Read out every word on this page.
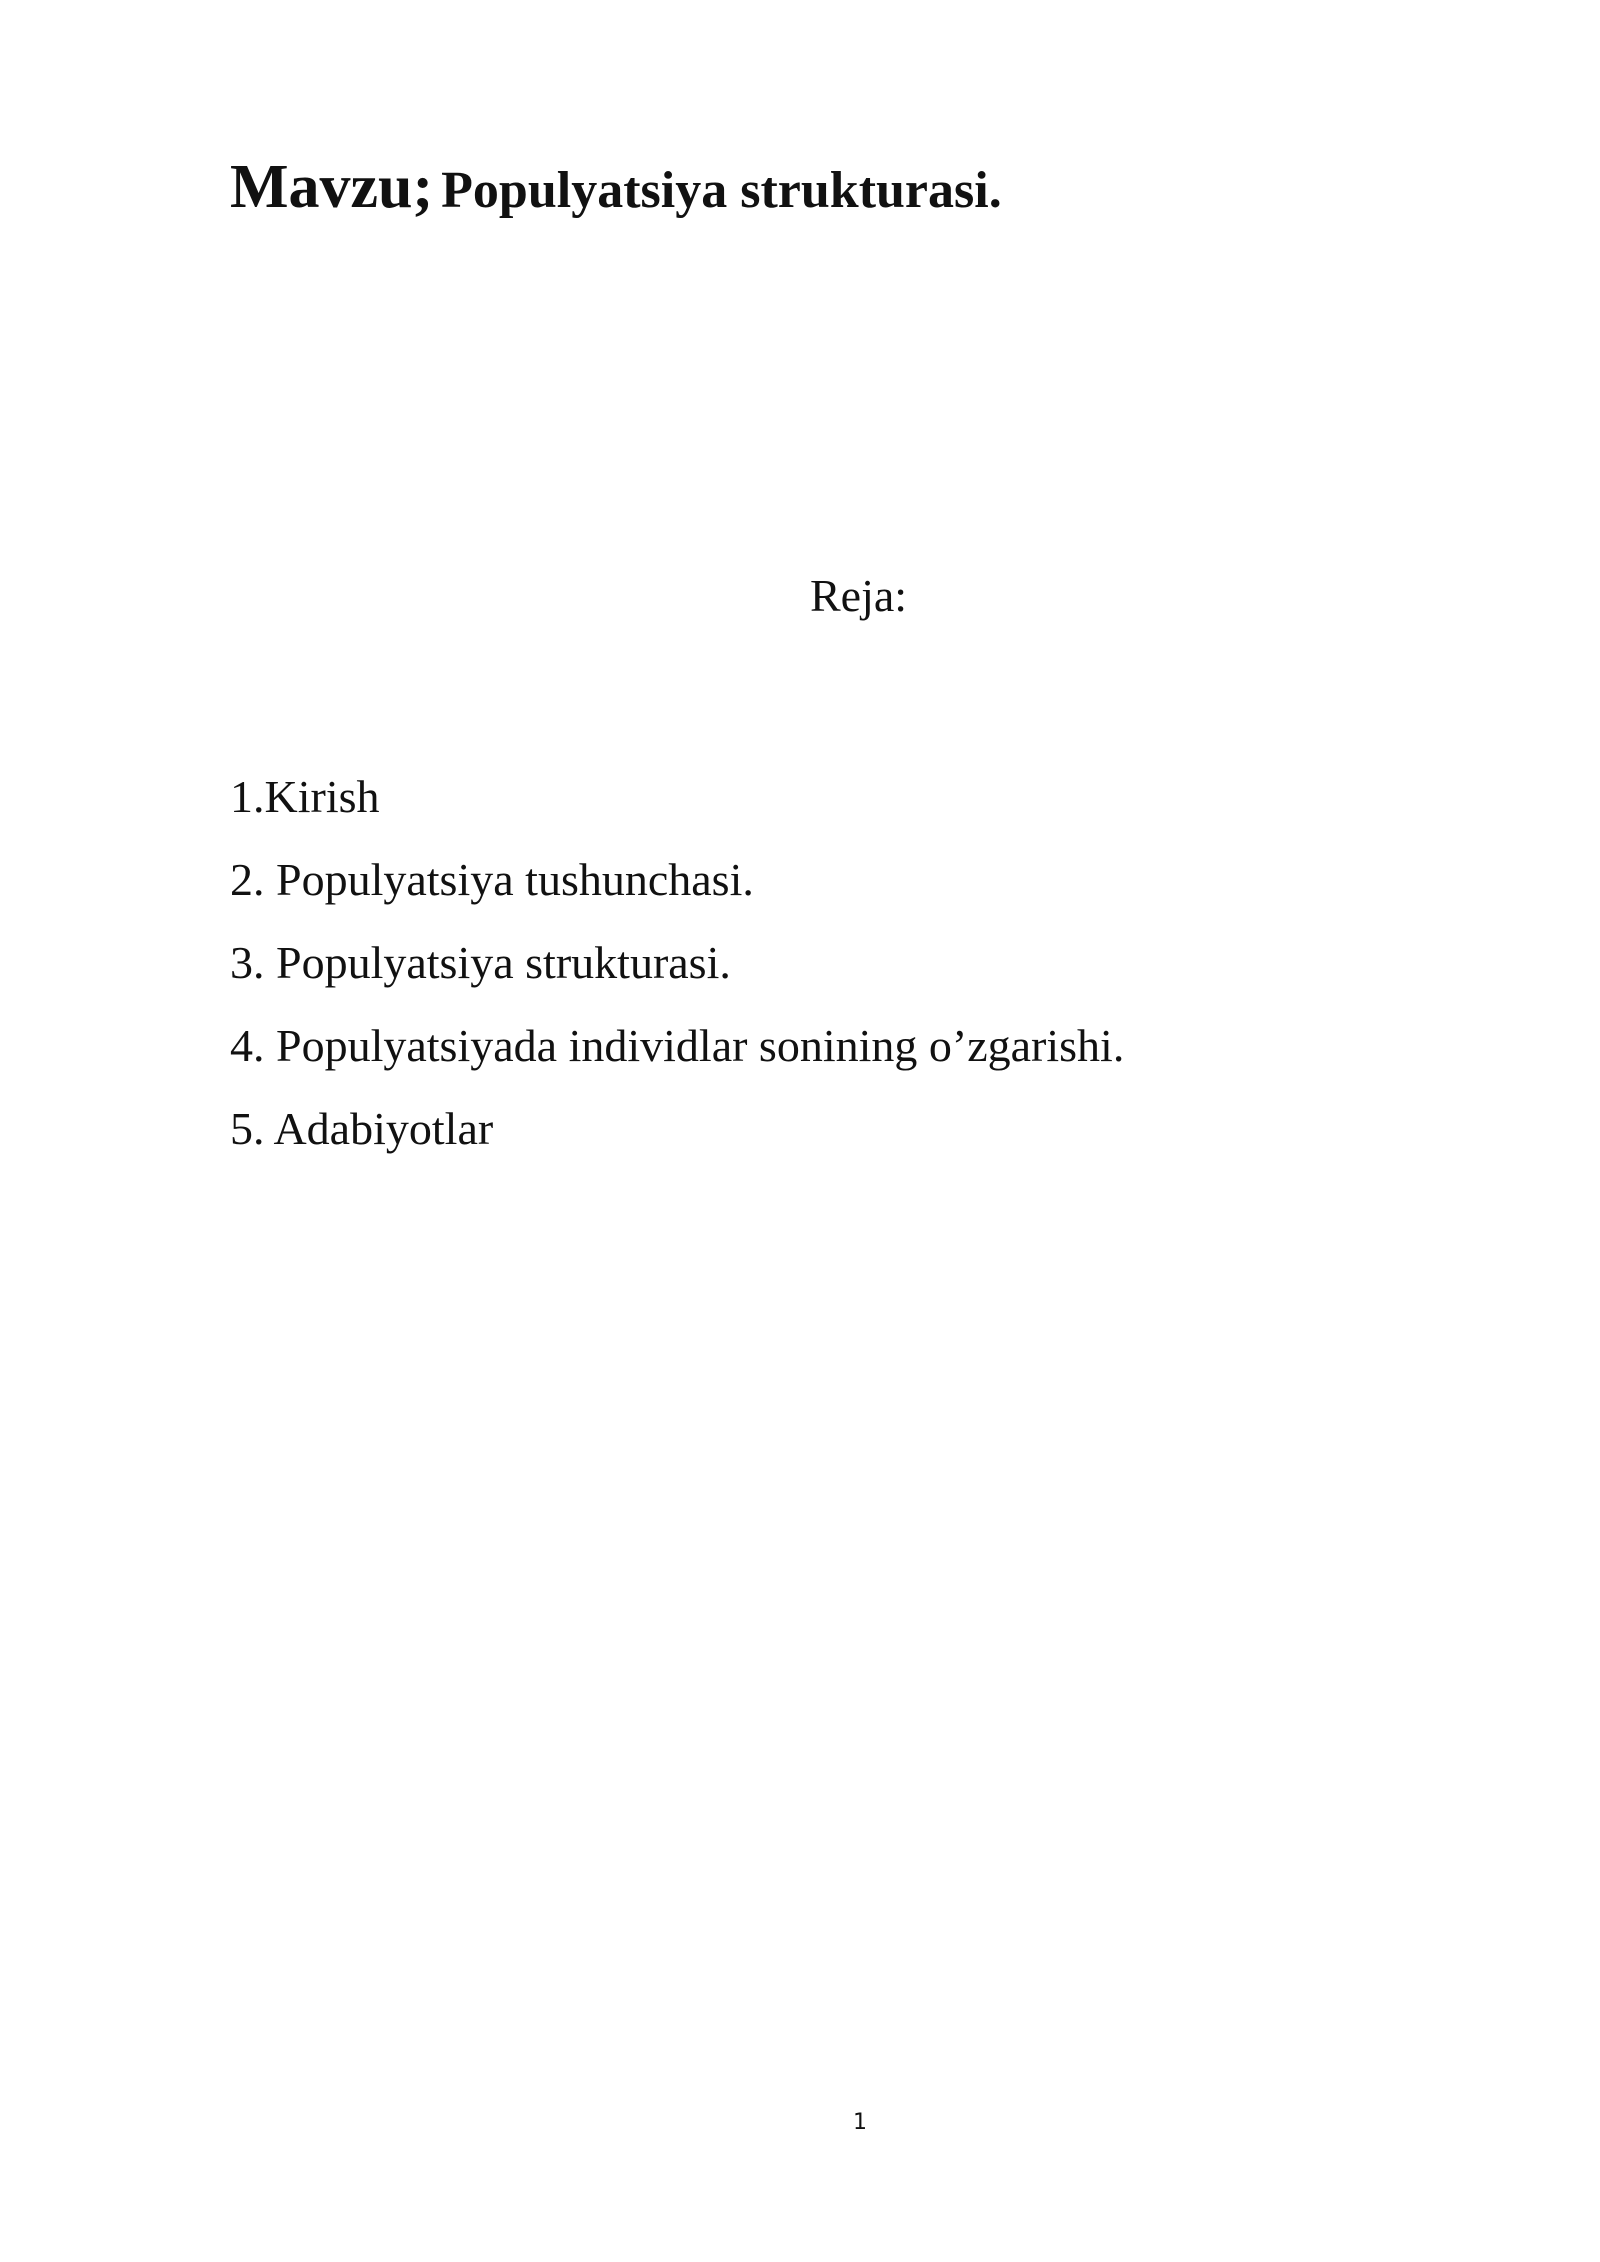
Mavzu; Populyatsiya strukturasi.
Reja:
1.Kirish
2. Populyatsiya tushunchasi.
3. Populyatsiya strukturasi.
4. Populyatsiyada individlar sonining o’zgarishi.
5. Adabiyotlar
1
